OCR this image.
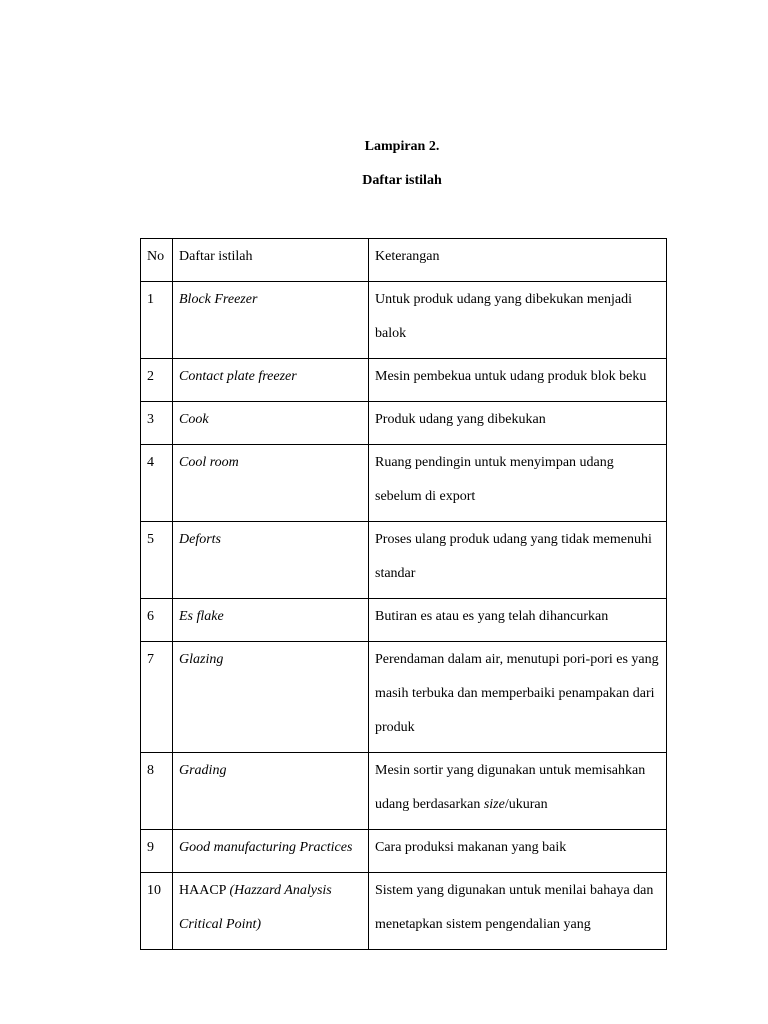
Lampiran 2.
Daftar istilah
No	Daftar istilah	Keterangan
1	Block Freezer	Untuk produk udang yang dibekukan menjadi balok
2	Contact plate freezer	Mesin pembekua untuk udang produk blok beku
3	Cook	Produk udang yang dibekukan
4	Cool room	Ruang pendingin untuk menyimpan udang sebelum di export
5	Deforts	Proses ulang produk udang yang tidak memenuhi standar
6	Es flake	Butiran es atau es yang telah dihancurkan
7	Glazing	Perendaman dalam air, menutupi pori-pori es yang masih terbuka dan memperbaiki penampakan dari produk
8	Grading	Mesin sortir yang digunakan untuk memisahkan udang berdasarkan size/ukuran
9	Good manufacturing Practices	Cara produksi makanan yang baik
10	HAACP (Hazzard Analysis Critical Point)	Sistem yang digunakan untuk menilai bahaya dan menetapkan sistem pengendalian yang
